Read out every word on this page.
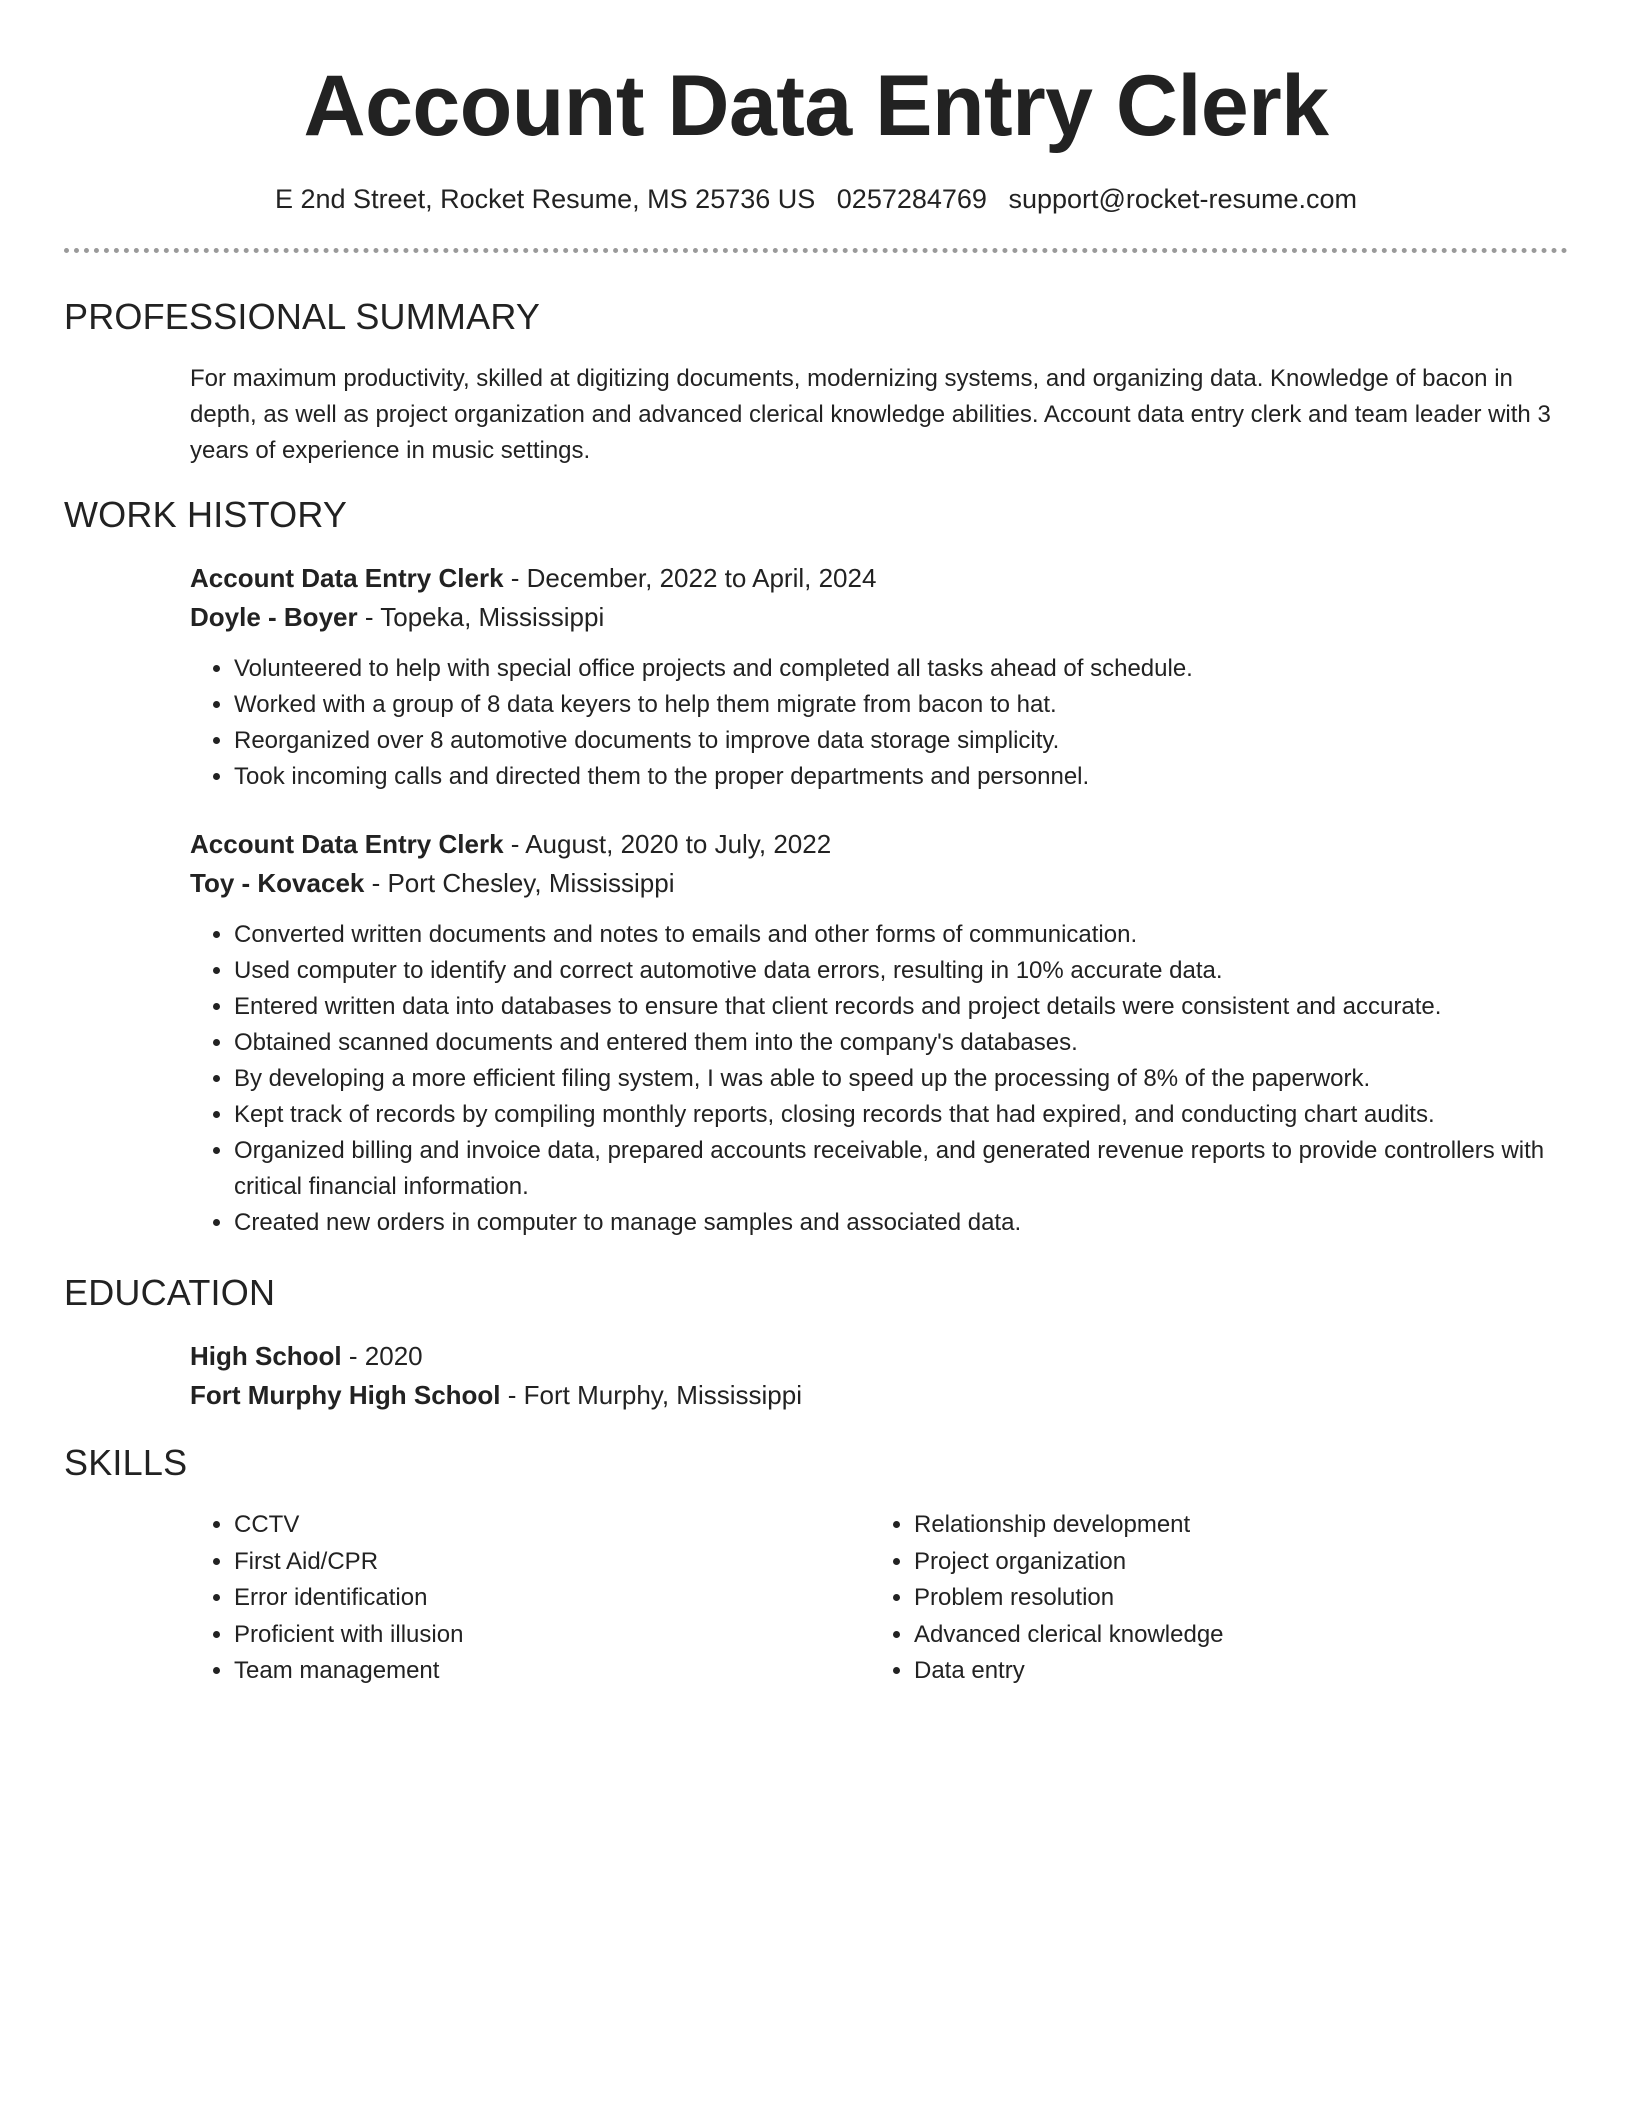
Account Data Entry Clerk
E 2nd Street, Rocket Resume, MS 25736 US 0257284769 support@rocket-resume.com
PROFESSIONAL SUMMARY

For maximum productivity, skilled at digitizing documents, modernizing systems, and organizing data. Knowledge of bacon in depth, as well as project organization and advanced clerical knowledge abilities. Account data entry clerk and team leader with 3 years of experience in music settings.

WORK HISTORY

Account Data Entry Clerk - December, 2022 to April, 2024

Doyle - Boyer - Topeka, Mississippi

• Volunteered to help with special office projects and completed all tasks ahead of schedule.
• Worked with a group of 8 data keyers to help them migrate from bacon to hat.
• Reorganized over 8 automotive documents to improve data storage simplicity.
• Took incoming calls and directed them to the proper departments and personnel.

Account Data Entry Clerk - August, 2020 to July, 2022

Toy - Kovacek - Port Chesley, Mississippi

• Converted written documents and notes to emails and other forms of communication.
• Used computer to identify and correct automotive data errors, resulting in 10% accurate data.
• Entered written data into databases to ensure that client records and project details were consistent and accurate.
• Obtained scanned documents and entered them into the company's databases.
• By developing a more efficient filing system, I was able to speed up the processing of 8% of the paperwork.
• Kept track of records by compiling monthly reports, closing records that had expired, and conducting chart audits.
• Organized billing and invoice data, prepared accounts receivable, and generated revenue reports to provide controllers with critical financial information.
• Created new orders in computer to manage samples and associated data.
EDUCATION

High School - 2020

Fort Murphy High School - Fort Murphy, Mississippi

SKILLS
• CCTV
• First Aid/CPR
• Error identification
• Proficient with illusion
• Team management
• Relationship development
• Project organization
• Problem resolution
• Advanced clerical knowledge
• Data entry
